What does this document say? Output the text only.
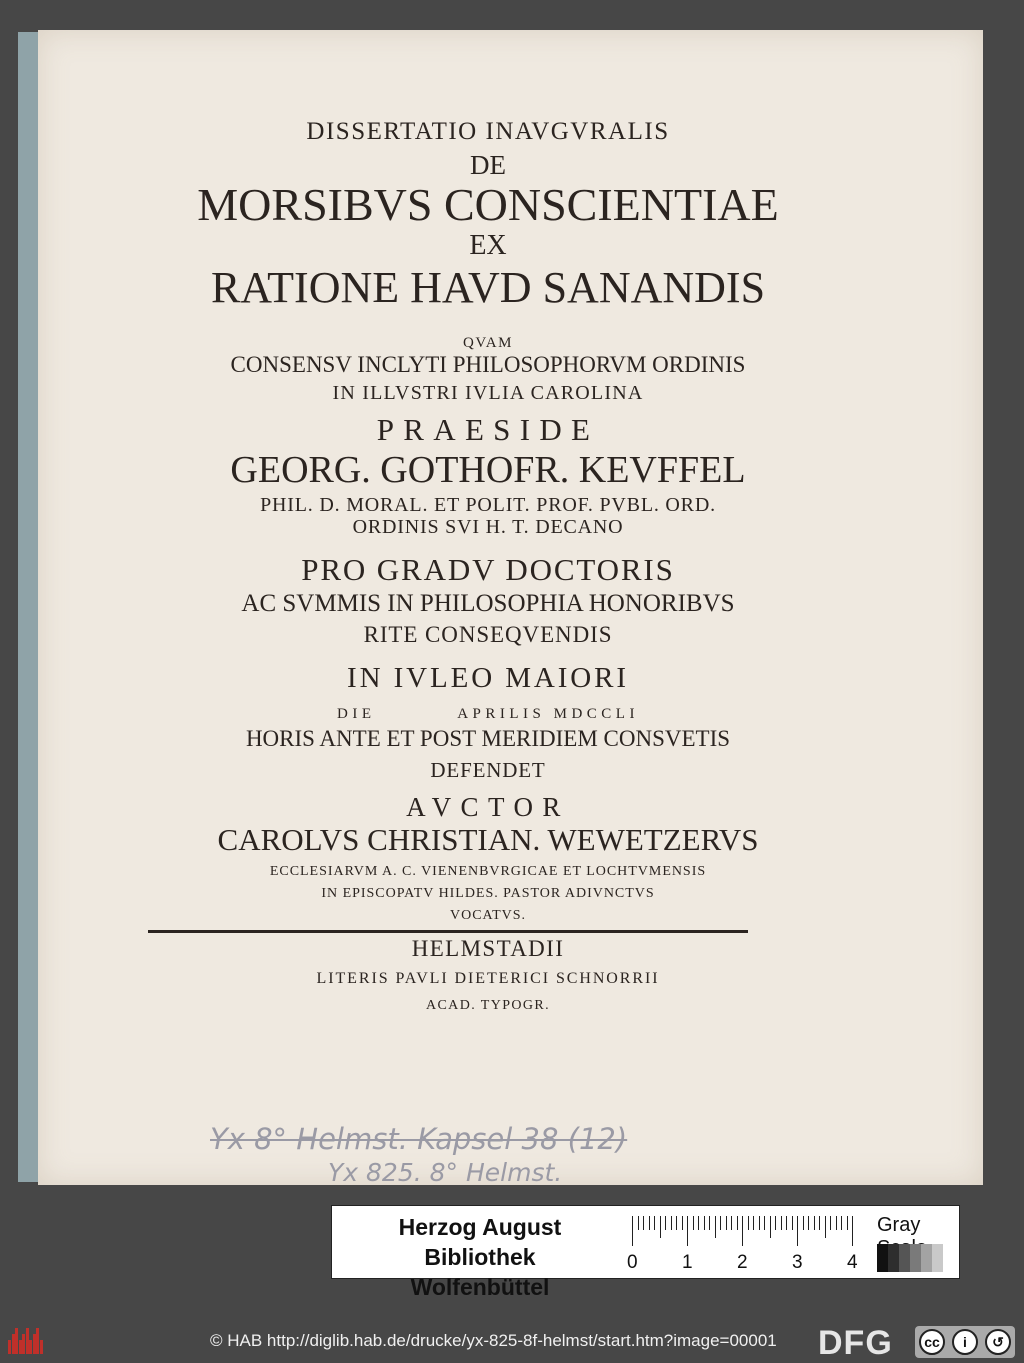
DISSERTATIO INAVGVRALIS
DE
MORSIBVS CONSCIENTIAE
EX
RATIONE HAVD SANANDIS
QVAM
CONSENSV INCLYTI PHILOSOPHORVM ORDINIS
IN ILLVSTRI IVLIA CAROLINA
PRAESIDE
GEORG. GOTHOFR. KEVFFEL
PHIL. D. MORAL. ET POLIT. PROF. PVBL. ORD.
ORDINIS SVI H. T. DECANO
PRO GRADV DOCTORIS
AC SVMMIS IN PHILOSOPHIA HONORIBVS
RITE CONSEQVENDIS
IN IVLEO MAIORI
DIE          APRILIS MDCCLI
HORIS ANTE ET POST MERIDIEM CONSVETIS
DEFENDET
AVCTOR
CAROLVS CHRISTIAN. WEWETZERVS
ECCLESIARVM A. C. VIENENBVRGICAE ET LOCHTVMENSIS
IN EPISCOPATV HILDES. PASTOR ADIVNCTVS
VOCATVS.
HELMSTADII
LITERIS PAVLI DIETERICI SCHNORRII
ACAD. TYPOGR.
Yx 8° Helmst. Kapsel 38 (12)
Yx 825. 8° Helmst.
Herzog August Bibliothek
Wolfenbüttel
0 1 2 3 4
Gray
© HAB http://diglib.hab.de/drucke/yx-825-8f-helmst/start.htm?image=00001 DFG	cc	i	↺
